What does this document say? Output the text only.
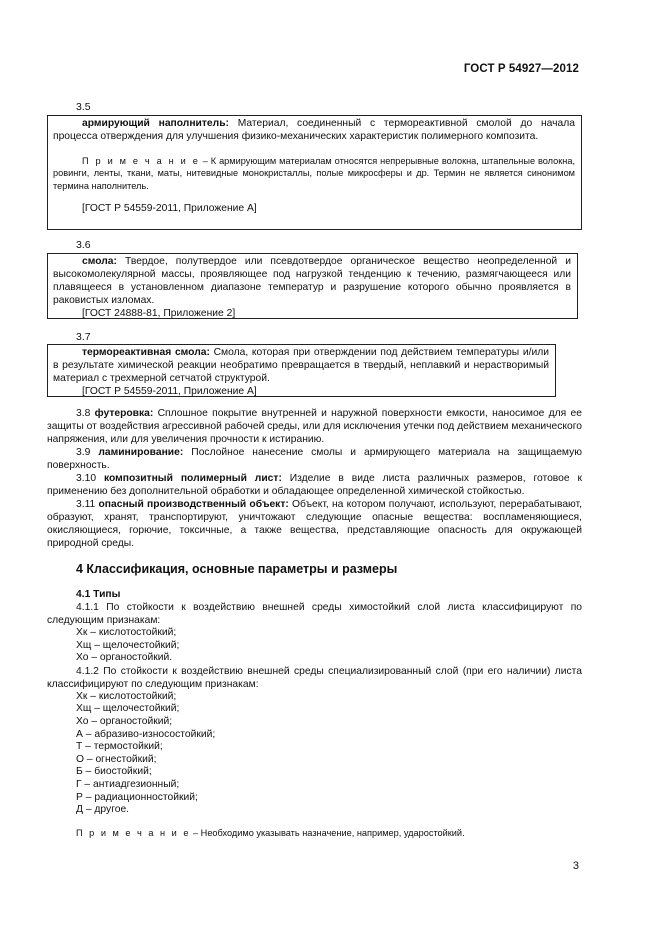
ГОСТ Р 54927—2012
3.5

армирующий наполнитель: Материал, соединенный с термореактивной смолой до начала процесса отверждения для улучшения физико-механических характеристик полимерного композита.

П р и м е ч а н и е – К армирующим материалам относятся непрерывные волокна, штапельные волокна, ровинги, ленты, ткани, маты, нитевидные монокристаллы, полые микросферы и др. Термин не является синонимом термина наполнитель.

[ГОСТ Р 54559-2011, Приложение А]

3.6

смола: Твердое, полутвердое или псевдотвердое органическое вещество неопределенной и высокомолекулярной массы, проявляющее под нагрузкой тенденцию к течению, размягчающееся или плавящееся в установленном диапазоне температур и разрушение которого обычно проявляется в раковистых изломах.

[ГОСТ 24888-81, Приложение 2]

3.7

термореактивная смола: Смола, которая при отверждении под действием температуры и/или в результате химической реакции необратимо превращается в твердый, неплавкий и нерастворимый материал с трехмерной сетчатой структурой.

[ГОСТ Р 54559-2011, Приложение А]

3.8 футеровка: Сплошное покрытие внутренней и наружной поверхности емкости, наносимое для ее защиты от воздействия агрессивной рабочей среды, или для исключения утечки под действием механического напряжения, или для увеличения прочности к истиранию.

3.9 ламинирование: Послойное нанесение смолы и армирующего материала на защищаемую поверхность.

3.10 композитный полимерный лист: Изделие в виде листа различных размеров, готовое к применению без дополнительной обработки и обладающее определенной химической стойкостью.

3.11 опасный производственный объект: Объект, на котором получают, используют, перерабатывают, образуют, хранят, транспортируют, уничтожают следующие опасные вещества: воспламеняющиеся, окисляющиеся, горючие, токсичные, а также вещества, представляющие опасность для окружающей природной среды.

4 Классификация, основные параметры и размеры

4.1 Типы

4.1.1 По стойкости к воздействию внешней среды химостойкий слой листа классифицируют по следующим признакам:

Хк – кислотостойкий;

Хщ – щелочестойкий;

Хо – органостойкий.

4.1.2 По стойкости к воздействию внешней среды специализированный слой (при его наличии) листа классифицируют по следующим признакам:

Хк – кислотостойкий;

Хщ – щелочестойкий;

Хо – органостойкий;

А – абразиво-износостойкий;

Т – термостойкий;

О – огнестойкий;

Б – биостойкий;

Г – антиадгезионный;

Р – радиационностойкий;

Д – другое.

П р и м е ч а н и е – Необходимо указывать назначение, например, ударостойкий.

3
